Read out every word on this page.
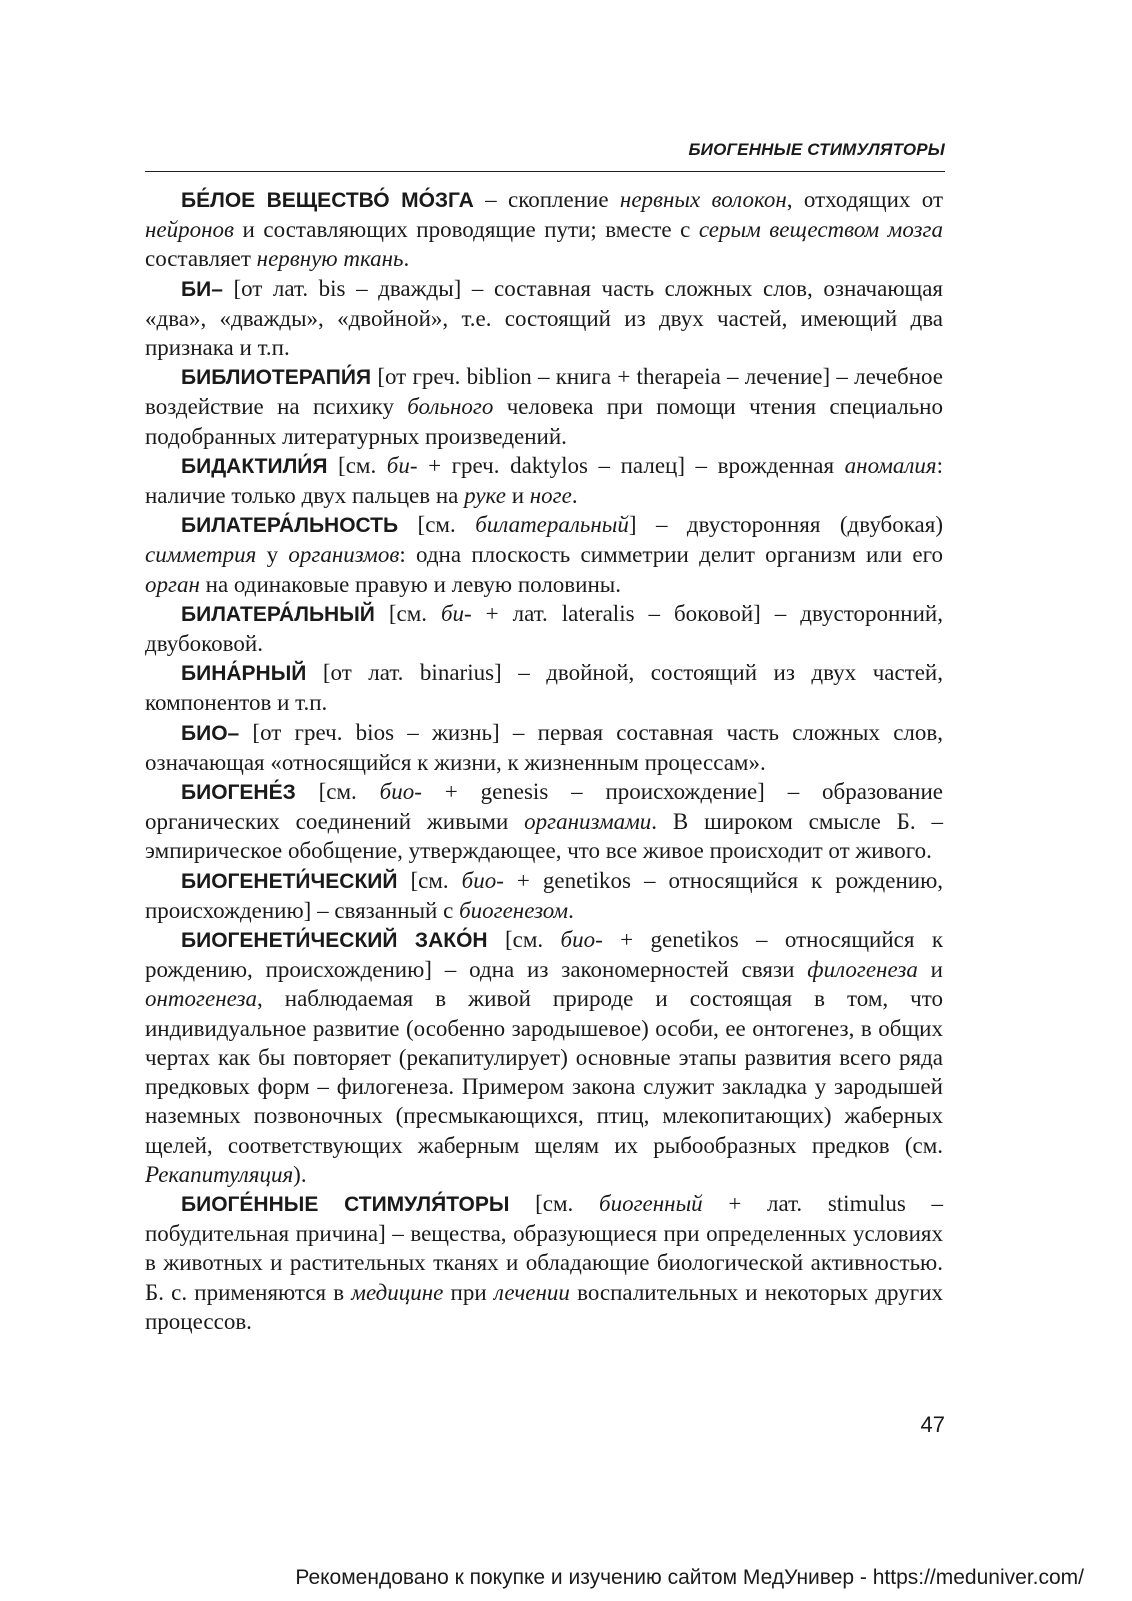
БИОГЕННЫЕ СТИМУЛЯТОРЫ

БЕ́ЛОЕ ВЕЩЕСТВО́ МО́ЗГА – скопление нервных волокон, отходящих от нейронов и составляющих проводящие пути; вместе с серым веществом мозга составляет нервную ткань.

БИ– [от лат. bis – дважды] – составная часть сложных слов, означающая «два», «дважды», «двойной», т.е. состоящий из двух частей, имеющий два признака и т.п.

БИБЛИОТЕРАПИ́Я [от греч. biblion – книга + therapeia – лечение] – лечебное воздействие на психику больного человека при помощи чтения специально подобранных литературных произведений.

БИДАКТИЛИ́Я [см. би- + греч. daktylos – палец] – врожденная аномалия: наличие только двух пальцев на руке и ноге.

БИЛАТЕРА́ЛЬНОСТЬ [см. билатеральный] – двусторонняя (двубокая) симметрия у организмов: одна плоскость симметрии делит организм или его орган на одинаковые правую и левую половины.

БИЛАТЕРА́ЛЬНЫЙ [см. би- + лат. lateralis – боковой] – двусторонний, двубоковой.

БИНА́РНЫЙ [от лат. binarius] – двойной, состоящий из двух частей, компонентов и т.п.

БИО– [от греч. bios – жизнь] – первая составная часть сложных слов, означающая «относящийся к жизни, к жизненным процессам».

БИОГЕНЕ́З [см. био- + genesis – происхождение] – образование органических соединений живыми организмами. В широком смысле Б. – эмпирическое обобщение, утверждающее, что все живое происходит от живого.

БИОГЕНЕТИ́ЧЕСКИЙ [см. био- + genetikos – относящийся к рождению, происхождению] – связанный с биогенезом.

БИОГЕНЕТИ́ЧЕСКИЙ ЗАКО́Н [см. био- + genetikos – относящийся к рождению, происхождению] – одна из закономерностей связи филогенеза и онтогенеза, наблюдаемая в живой природе и состоящая в том, что индивидуальное развитие (особенно зародышевое) особи, ее онтогенез, в общих чертах как бы повторяет (рекапитулирует) основные этапы развития всего ряда предковых форм – филогенеза. Примером закона служит закладка у зародышей наземных позвоночных (пресмыкающихся, птиц, млекопитающих) жаберных щелей, соответствующих жаберным щелям их рыбообразных предков (см. Рекапитуляция).

БИОГЕ́ННЫЕ СТИМУЛЯ́ТОРЫ [см. биогенный + лат. stimulus – побудительная причина] – вещества, образующиеся при определенных условиях в животных и растительных тканях и обладающие биологической активностью. Б. с. применяются в медицине при лечении воспалительных и некоторых других процессов.

47
Рекомендовано к покупке и изучению сайтом МедУнивер - https://meduniver.com/
